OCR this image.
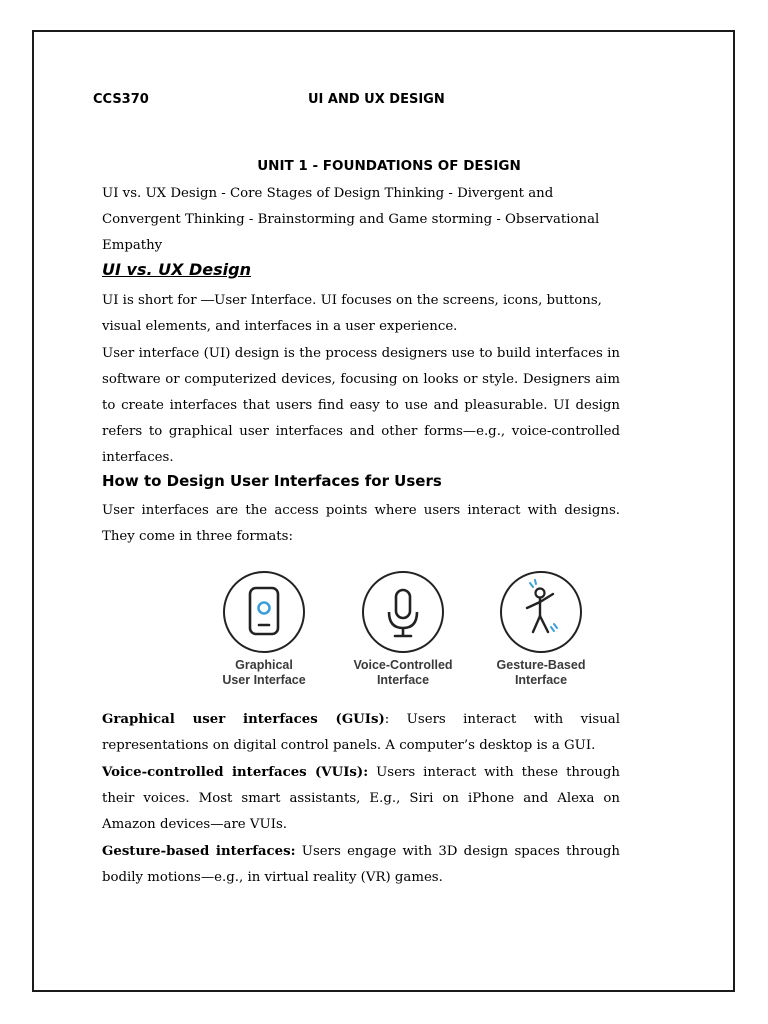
CCS370	UI AND UX DESIGN
UNIT 1 - FOUNDATIONS OF DESIGN
UI vs. UX Design - Core Stages of Design Thinking - Divergent and Convergent Thinking - Brainstorming and Game storming - Observational Empathy
UI vs. UX Design
UI is short for ―User Interface. UI focuses on the screens, icons, buttons, visual elements, and interfaces in a user experience.
User interface (UI) design is the process designers use to build interfaces in software or computerized devices, focusing on looks or style. Designers aim to create interfaces that users find easy to use and pleasurable. UI design refers to graphical user interfaces and other forms—e.g., voice-controlled interfaces.
How to Design User Interfaces for Users
User interfaces are the access points where users interact with designs. They come in three formats:
Graphical
User Interface
Voice-Controlled
Interface
Gesture-Based
Interface
Graphical user interfaces (GUIs): Users interact with visual representations on digital control panels. A computer’s desktop is a GUI.
Voice-controlled interfaces (VUIs): Users interact with these through their voices. Most smart assistants, E.g., Siri on iPhone and Alexa on Amazon devices—are VUIs.
Gesture-based interfaces: Users engage with 3D design spaces through bodily motions—e.g., in virtual reality (VR) games.
